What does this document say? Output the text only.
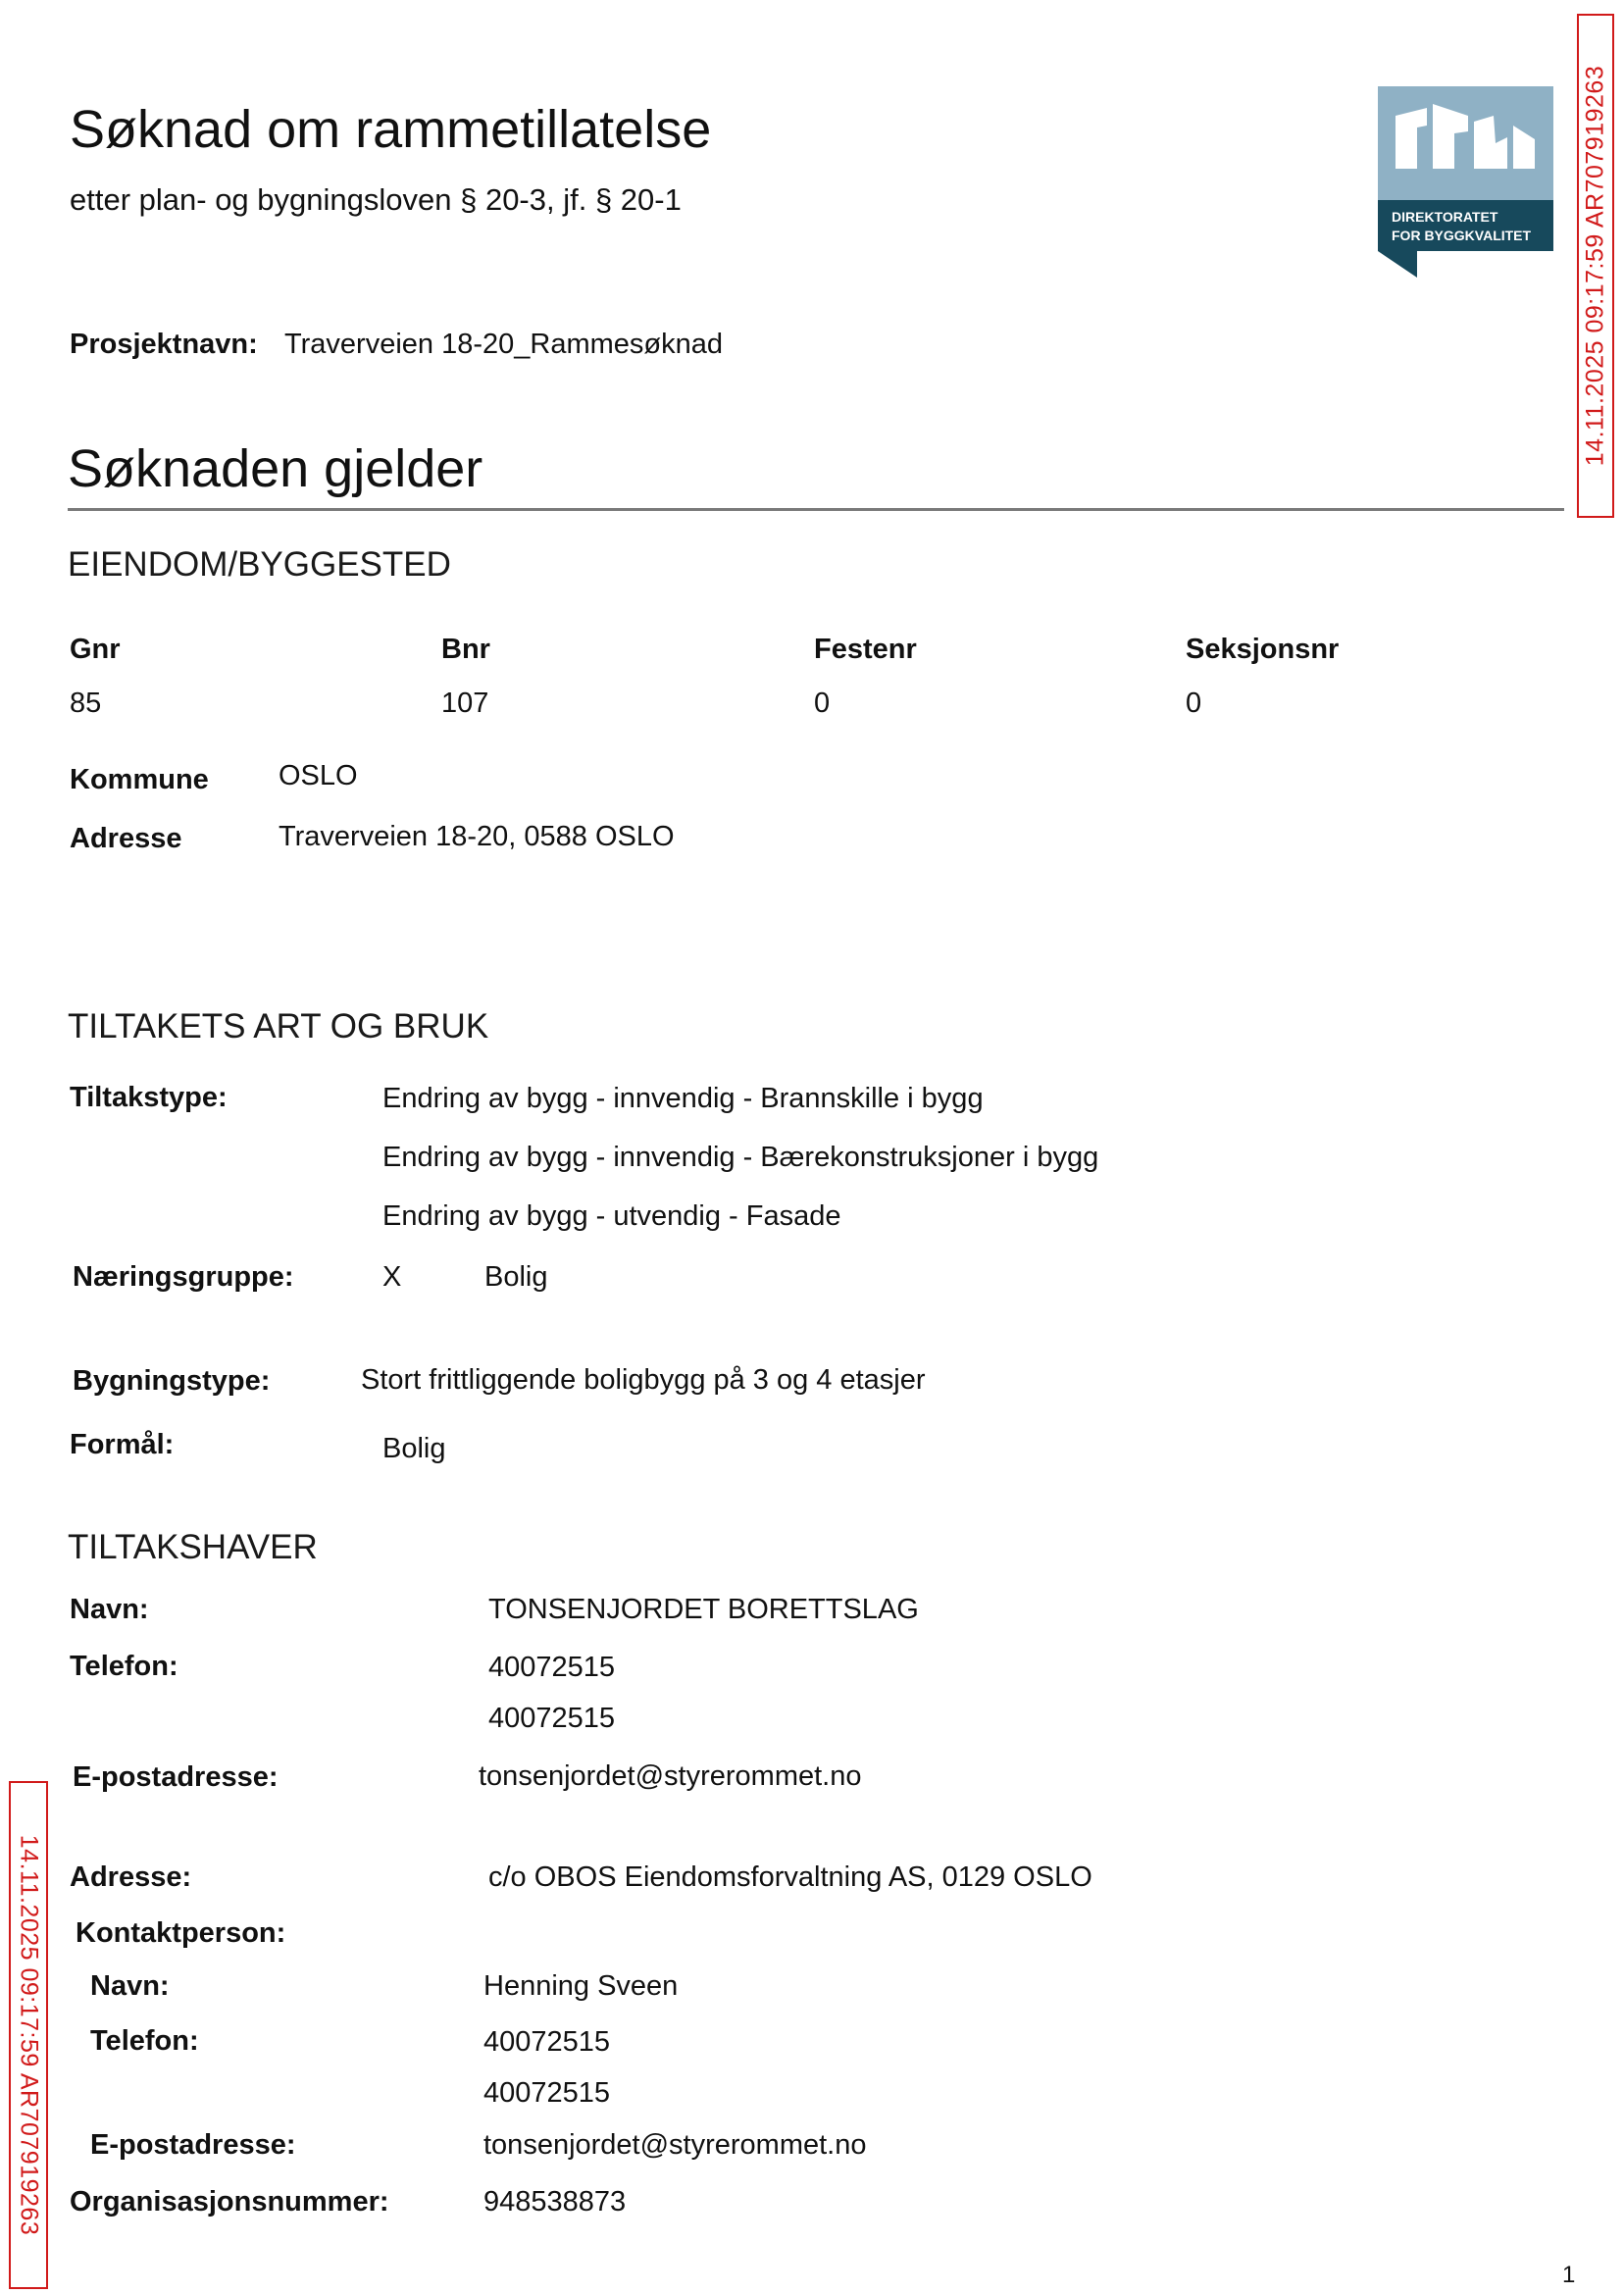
Søknad om rammetillatelse
etter plan- og bygningsloven § 20-3, jf. § 20-1	DIREKTORATET
FOR BYGGKVALITET
Prosjektnavn: Traverveien 18-20_Rammesøknad
Søknaden gjelder
EIENDOM/BYGGESTED
Gnr	Bnr	Festenr	Seksjonsnr
85	107	0	0
Kommune OSLO
Adresse	Traverveien 18-20, 0588 OSLO
TILTAKETS ART OG BRUK
Tiltakstype:	Endring av bygg - innvendig - Brannskille i bygg
Endring av bygg - innvendig - Bærekonstruksjoner i bygg
Endring av bygg - utvendig - Fasade
Næringsgruppe:	X	Bolig
Bygningstype:	Stort frittliggende boligbygg på 3 og 4 etasjer
Formål:	Bolig
TILTAKSHAVER
Navn:	TONSENJORDET BORETTSLAG
Telefon:	40072515
40072515
E-postadresse:	tonsenjordet@styrerommet.no
Adresse:	c/o OBOS Eiendomsforvaltning AS, 0129 OSLO
Kontaktperson:
Navn:	Henning Sveen
Telefon:	40072515
40072515
E-postadresse:	tonsenjordet@styrerommet.no
Organisasjonsnummer:	948538873
14.11.2025 09:17:59 AR707919263
14.11.2025 09:17:59 AR707919263
1
